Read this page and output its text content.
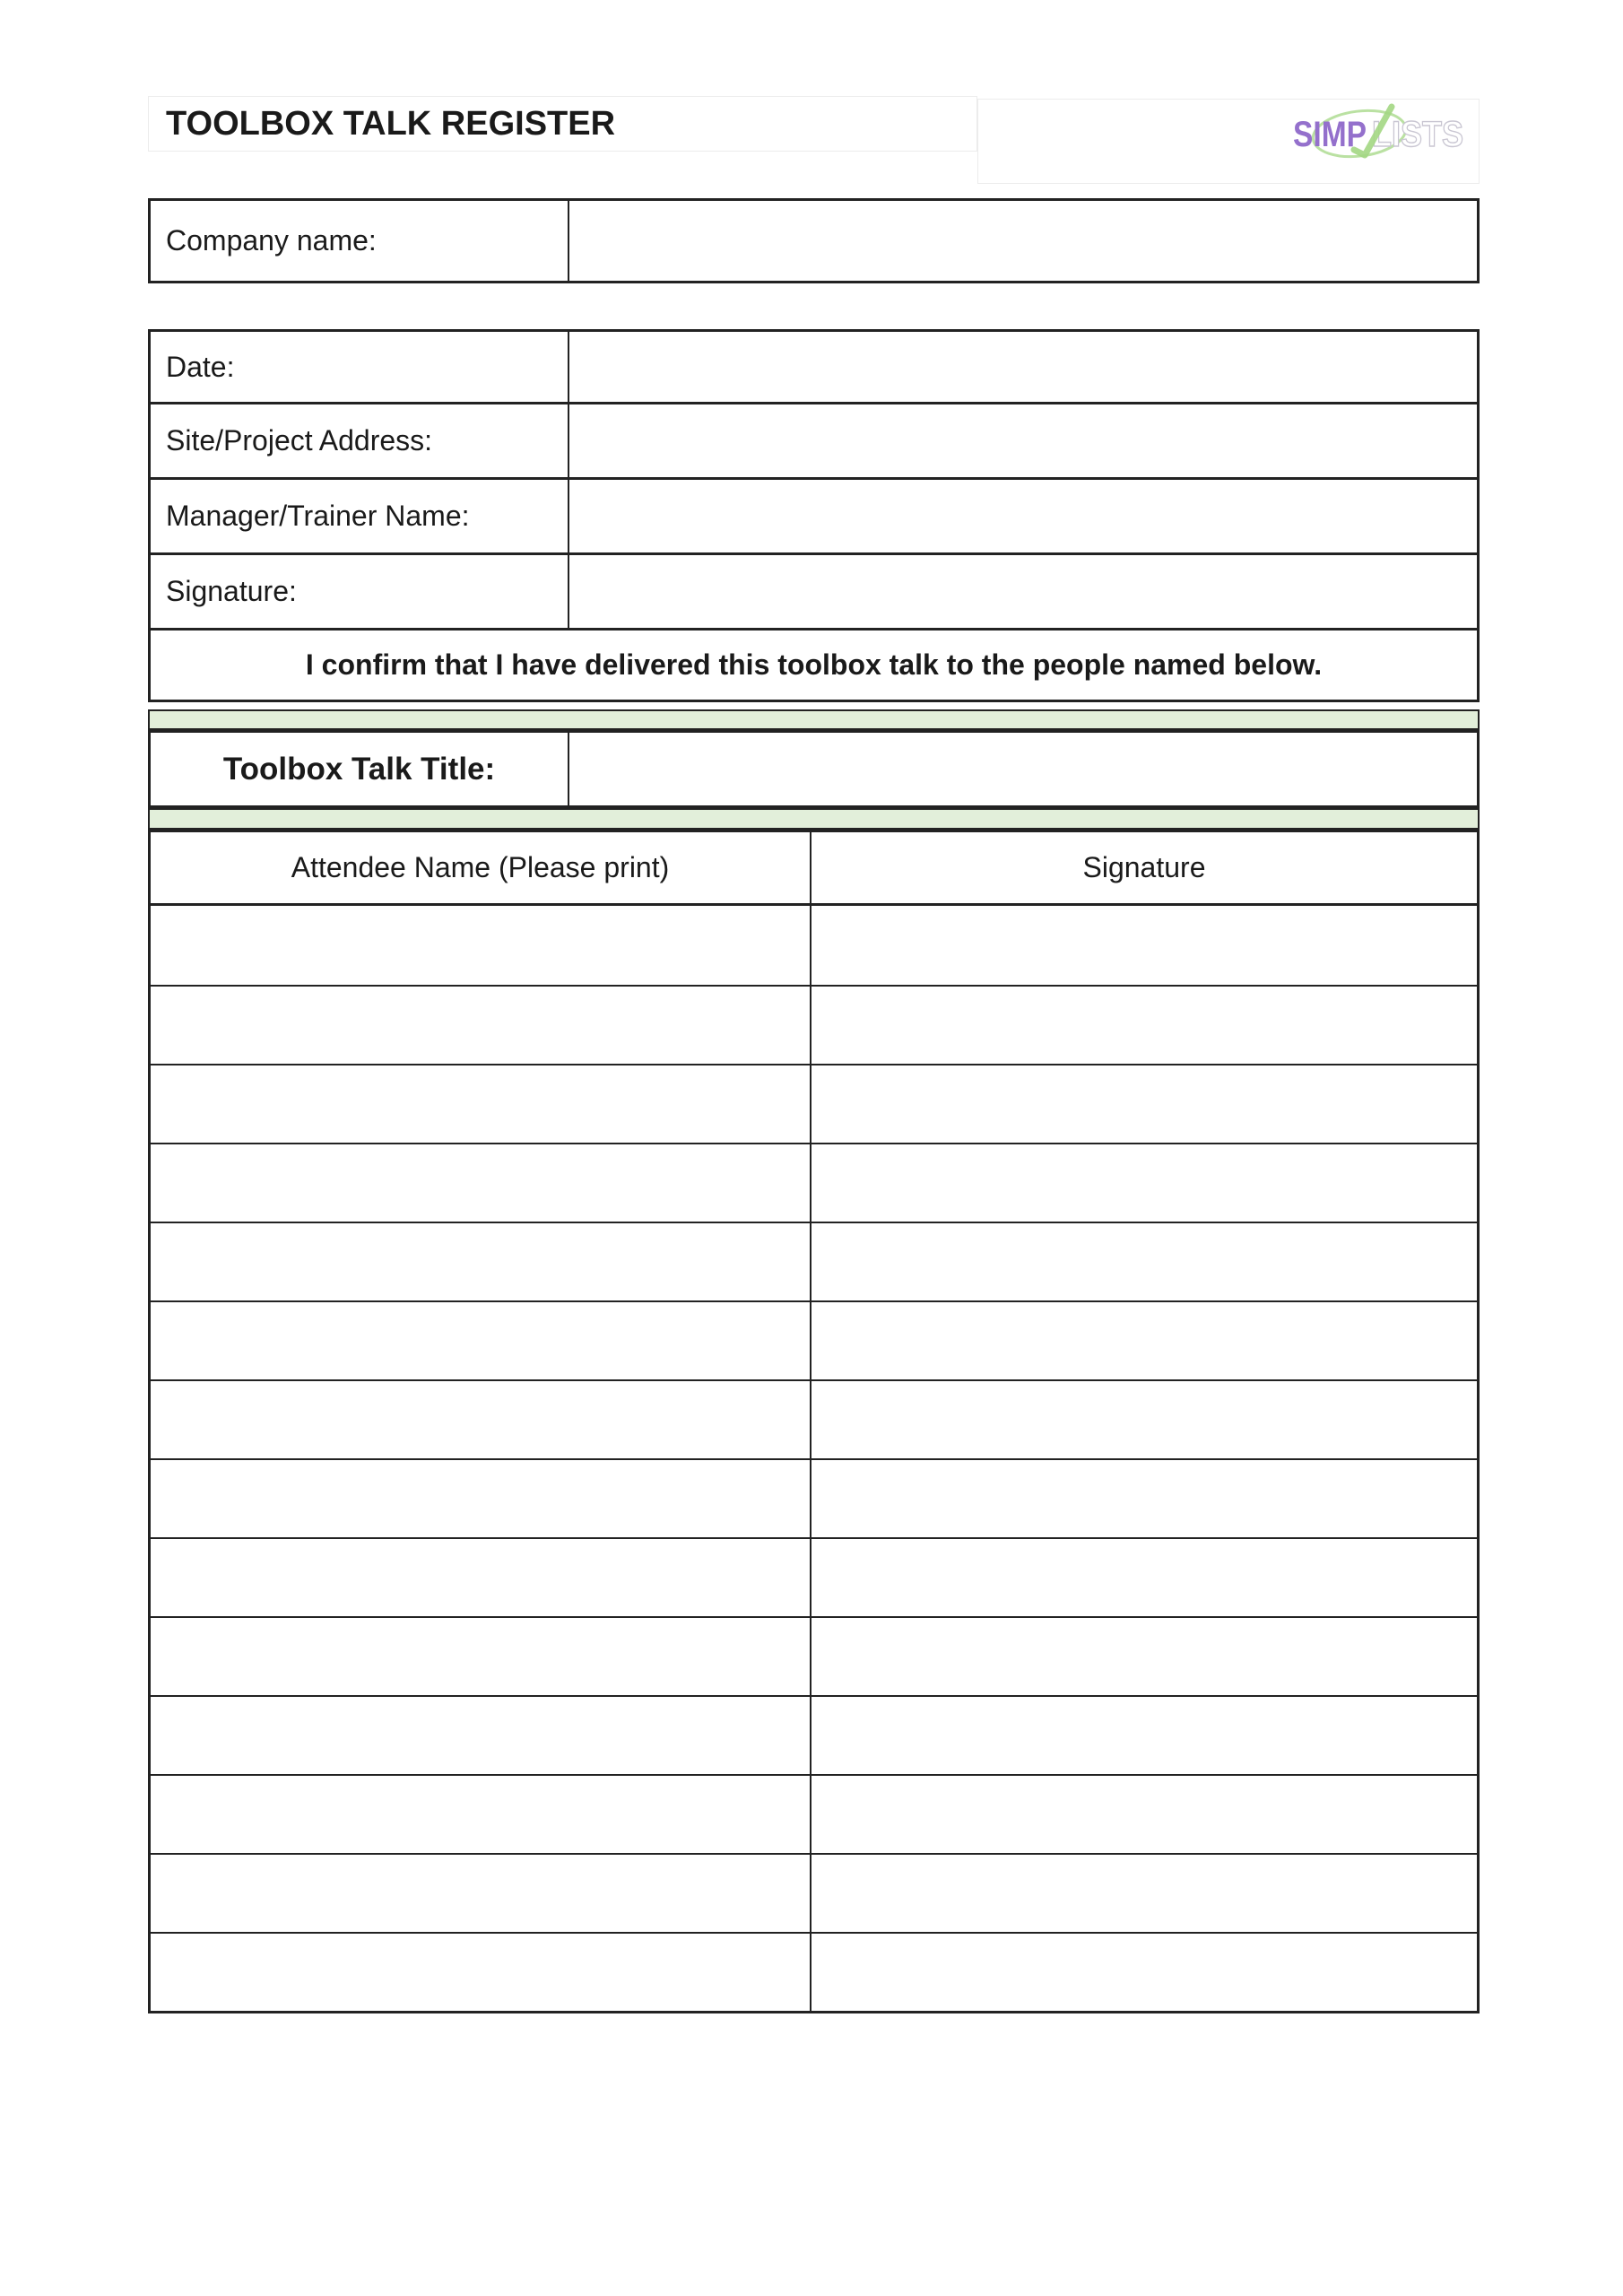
TOOLBOX TALK REGISTER	SIMP LISTS
Company name:
Date:
Site/Project Address:
Manager/Trainer Name:
Signature:
I confirm that I have delivered this toolbox talk to the people named below.
Toolbox Talk Title:
Attendee Name (Please print)	Signature
